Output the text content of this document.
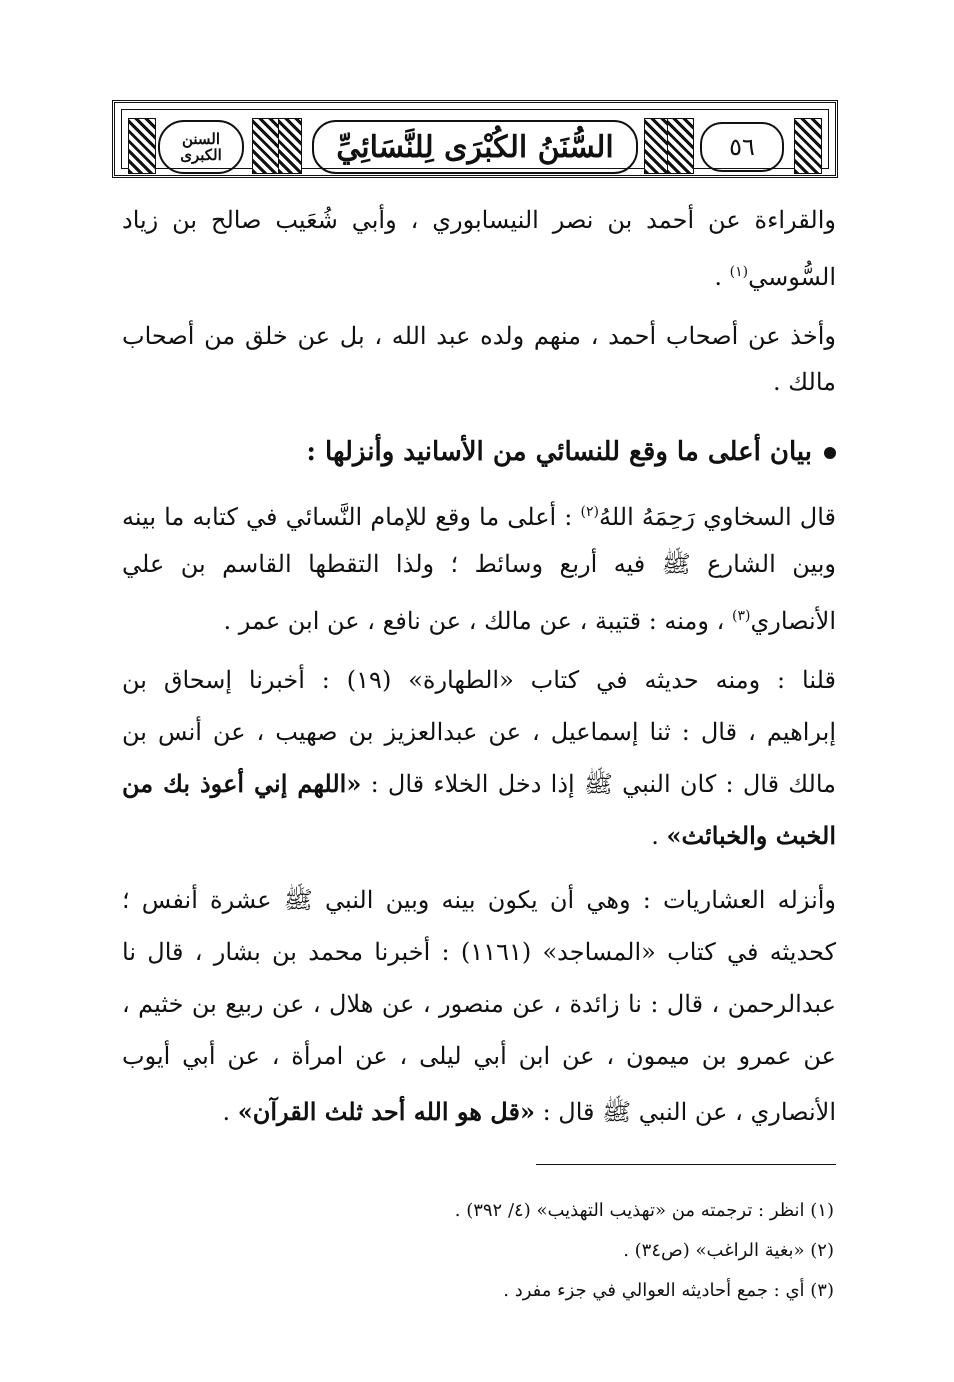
السنن الكبرى	السُّنَنُ الكُبْرَى لِلنَّسَائِيِّ	٥٦
والقراءة عن أحمد بن نصر النيسابوري ، وأبي شُعَيب صالح بن زياد
السُّوسي$^{(١)}$ .
وأخذ عن أصحاب أحمد ، منهم ولده عبد الله ، بل عن خلق من أصحاب
مالك .
بيان أعلى ما وقع للنسائي من الأسانيد وأنزلها :
قال السخاوي رَحِمَهُ اللهُ$^{(٢)}$ : أعلى ما وقع للإمام النَّسائي في كتابه ما بينه
وبين الشارع ﷺ فيه أربع وسائط ؛ ولذا التقطها القاسم بن علي
الأنصاري$^{(٣)}$ ، ومنه : قتيبة ، عن مالك ، عن نافع ، عن ابن عمر .
قلنا : ومنه حديثه في كتاب «الطهارة» (١٩) : أخبرنا إسحاق بن
إبراهيم ، قال : ثنا إسماعيل ، عن عبدالعزيز بن صهيب ، عن أنس بن
مالك قال : كان النبي ﷺ إذا دخل الخلاء قال : «اللهم إني أعوذ بك من
الخبث والخبائث» .
وأنزله العشاريات : وهي أن يكون بينه وبين النبي ﷺ عشرة أنفس ؛
كحديثه في كتاب «المساجد» (١١٦١) : أخبرنا محمد بن بشار ، قال نا
عبدالرحمن ، قال : نا زائدة ، عن منصور ، عن هلال ، عن ربيع بن خثيم ،
عن عمرو بن ميمون ، عن ابن أبي ليلى ، عن امرأة ، عن أبي أيوب
الأنصاري ، عن النبي ﷺ قال : «قل هو الله أحد ثلث القرآن» .
(١) انظر : ترجمته من «تهذيب التهذيب» (٤/ ٣٩٢) .
(٢) «بغية الراغب» (ص٣٤) .
(٣) أي : جمع أحاديثه العوالي في جزء مفرد .
